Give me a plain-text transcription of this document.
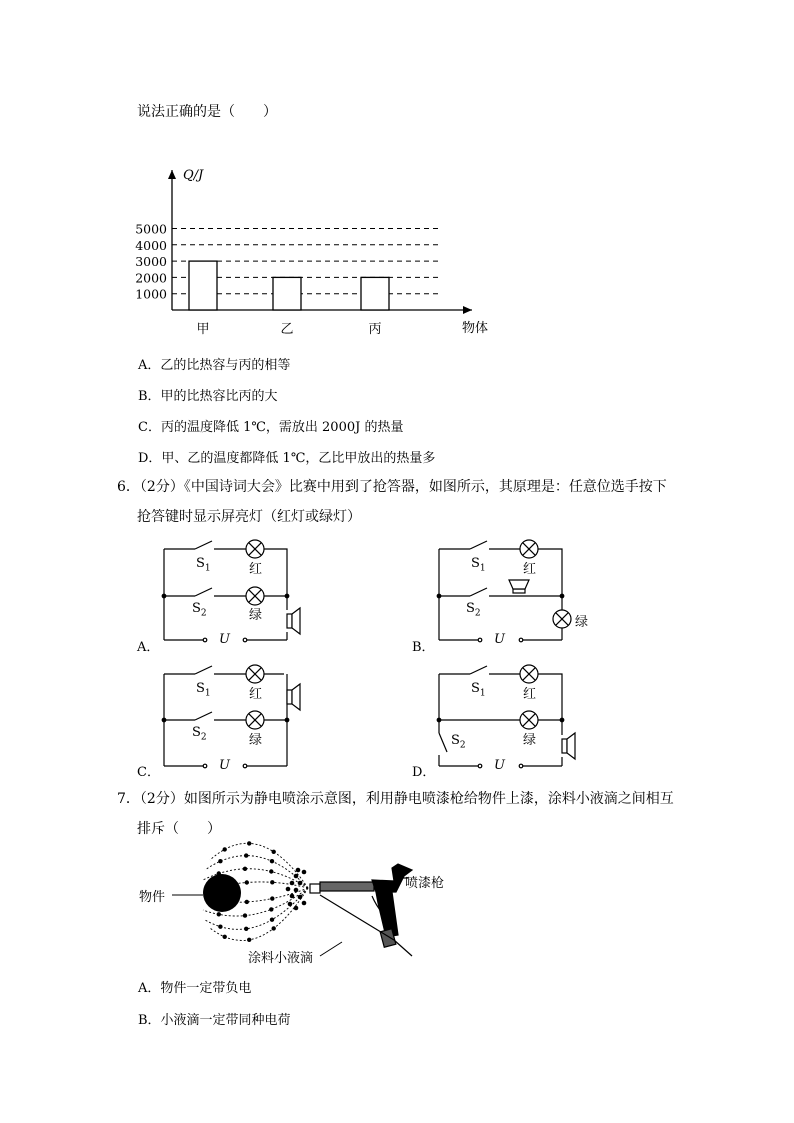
说法正确的是（　　）
Q/J
物体
1000
2000
3000
4000
5000
甲	乙	丙
A．乙的比热容与丙的相等
B．甲的比热容比丙的大
C．丙的温度降低 1℃，需放出 2000J 的热量
D．甲、乙的温度都降低 1℃，乙比甲放出的热量多
6．（2分）《中国诗词大会》比赛中用到了抢答器，如图所示，其原理是：任意位选手按下
抢答键时显示屏亮灯（红灯或绿灯）
A．	B．
C．	D．
$S_1$	红
$S_2$	绿
U
$S_1$	红
$S_2$
绿
U
$S_1$	红
$S_2$	绿
U
$S_1$	红
$S_2$	绿
U
7．（2分）如图所示为静电喷涂示意图，利用静电喷漆枪给物件上漆，涂料小液滴之间相互
排斥（　　）
物件
喷漆枪
涂料小液滴
A．物件一定带负电
B．小液滴一定带同种电荷
